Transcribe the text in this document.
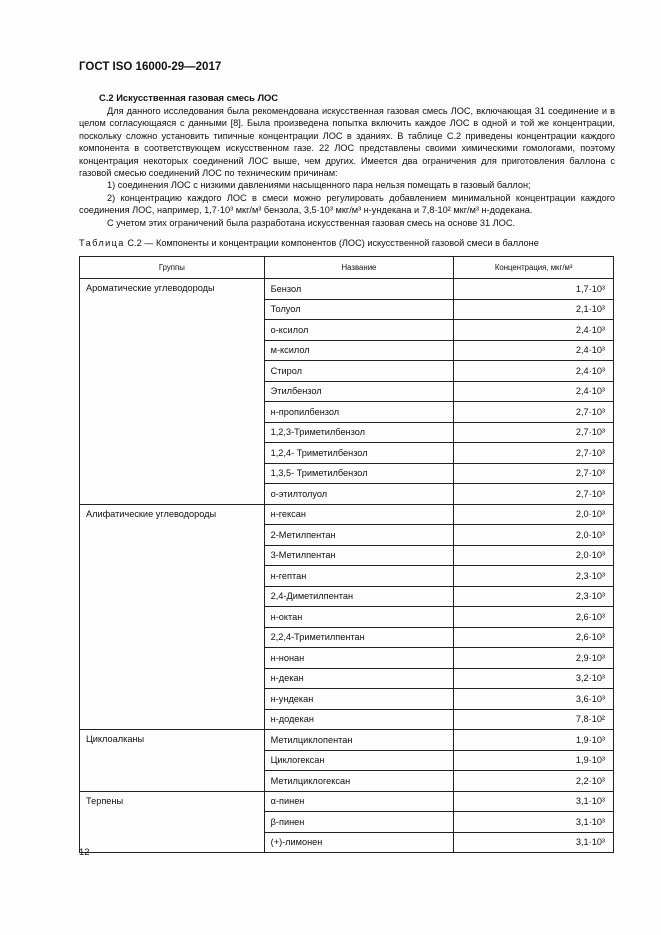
ГОСТ ISO 16000-29—2017
С.2 Искусственная газовая смесь ЛОС

Для данного исследования была рекомендована искусственная газовая смесь ЛОС, включающая 31 соединение и в целом согласующаяся с данными [8]. Была произведена попытка включить каждое ЛОС в одной и той же концентрации, поскольку сложно установить типичные концентрации ЛОС в зданиях. В таблице С.2 приведены концентрации каждого компонента в соответствующем искусственном газе. 22 ЛОС представлены своими химическими гомологами, поэтому концентрация некоторых соединений ЛОС выше, чем других. Имеется два ограничения для приготовления баллона с газовой смесью соединений ЛОС по техническим причинам:

1) соединения ЛОС с низкими давлениями насыщенного пара нельзя помещать в газовый баллон;

2) концентрацию каждого ЛОС в смеси можно регулировать добавлением минимальной концентрации каждого соединения ЛОС, например, 1,7·10³ мкг/м³ бензола, 3,5·10³ мкг/м³ н-ундекана и 7,8·10² мкг/м³ н-додекана.

С учетом этих ограничений была разработана искусственная газовая смесь на основе 31 ЛОС.

Таблица С.2 — Компоненты и концентрации компонентов (ЛОС) искусственной газовой смеси в баллоне
Группы	Название	Концентрация, мкг/м³
Ароматические углеводороды	Бензол	1,7·10³
	Толуол	2,1·10³
	о-ксилол	2,4·10³
	м-ксилол	2,4·10³
	Стирол	2,4·10³
	Этилбензол	2,4·10³
	н-пропилбензол	2,7·10³
	1,2,3-Триметилбензол	2,7·10³
	1,2,4- Триметилбензол	2,7·10³
	1,3,5- Триметилбензол	2,7·10³
	о-этилтолуол	2,7·10³
Алифатические углеводороды	н-гексан	2,0·10³
	2-Метилпентан	2,0·10³
	3-Метилпентан	2,0·10³
	н-гептан	2,3·10³
	2,4-Диметилпентан	2,3·10³
	н-октан	2,6·10³
	2,2,4-Триметилпентан	2,6·10³
	н-нонан	2,9·10³
	н-декан	3,2·10³
	н-ундекан	3,6·10³
	н-додекан	7,8·10²
Циклоалканы	Метилциклопентан	1,9·10³
	Циклогексан	1,9·10³
	Метилциклогексан	2,2·10³
Терпены	α-пинен	3,1·10³
	β-пинен	3,1·10³
	(+)-лимонен	3,1·10³
12
